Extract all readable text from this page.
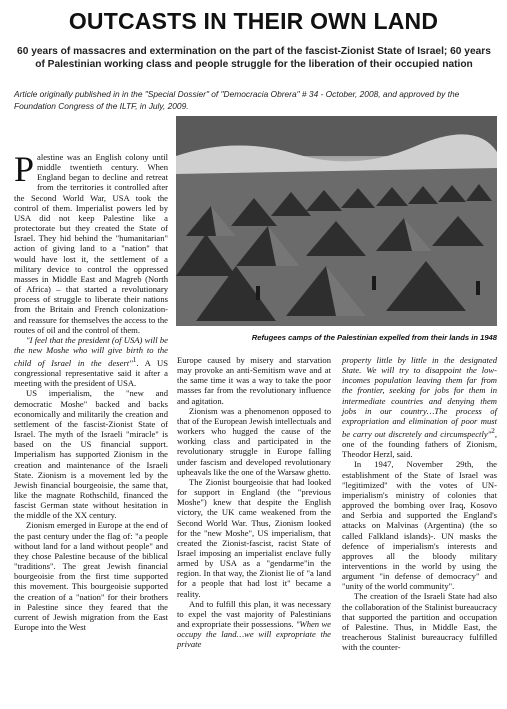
OUTCASTS IN THEIR OWN LAND
60 years of massacres and extermination on the part of the fascist-Zionist State of Israel; 60 years of Palestinian working class and people struggle for the liberation of their occupied nation
Article originally published in in the "Special Dossier" of "Democracia Obrera" # 34 - October, 2008, and approved by the Foundation Congress of the ILTF, in July, 2009.
Refugees camps of the Palestinian expelled from their lands in 1948

Palestine was an English colony until middle twentieth century. When England began to decline and retreat from the territories it controlled after the Second World War, USA took the control of them. Imperialist powers led by USA did not keep Palestine like a protectorate but they created the State of Israel. They hid behind the "humanitarian" action of giving land to a "nation" that would have lost it, the settlement of a military device to control the oppressed masses in Middle East and Magreb (North of Africa) – that started a revolutionary process of struggle to liberate their nations from the Britain and French colonization- and reassure for themselves the access to the routes of oil and the control of them.

"I feel that the president (of USA) will be the new Moshe who will give birth to the child of Israel in the desert"$^1$. A US congressional representative said it after a meeting with the president of USA.

US imperialism, the "new and democratic Moshe" backed and backs economically and militarily the creation and settlement of the fascist-Zionist State of Israel. The myth of the Israeli "miracle" is based on the US financial support. Imperialism has supported Zionism in the creation and maintenance of the Israeli State. Zionism is a movement led by the Jewish financial bourgeoisie, the same that, like the magnate Rothschild, financed the fascist German state without hesitation in the middle of the XX century.

Zionism emerged in Europe at the end of the past century under the flag of: "a people without land for a land without people" and they chose Palestine because of the biblical "traditions". The great Jewish financial bourgeoisie from the first time supported this movement. This bourgeoisie supported the creation of a "nation" for their brothers in Palestine since they feared that the current of Jewish migration from the East Europe into the West

Europe caused by misery and starvation may provoke an anti-Semitism wave and at the same time it was a way to take the poor masses far from the revolutionary influence and agitation.

Zionism was a phenomenon opposed to that of the European Jewish intellectuals and workers who hugged the cause of the working class and participated in the revolutionary struggle in Europe falling under fascism and developed revolutionary upheavals like the one of the Warsaw ghetto.

The Zionist bourgeoisie that had looked for support in England (the "previous Moshe") knew that despite the English victory, the UK came weakened from the Second World War. Thus, Zionism looked for the "new Moshe", US imperialism, that created the Zionist-fascist, racist State of Israel imposing an imperialist enclave fully armed by USA as a "gendarme"in the region. In that way, the Zionist lie of "a land for a people that had lost it" became a reality.

And to fulfill this plan, it was necessary to expel the vast majority of Palestinians and expropriate their possessions. "When we occupy the land…we will expropriate the private

property little by little in the designated State. We will try to disappoint the low-incomes population leaving them far from the frontier, seeking for jobs for them in intermediate countries and denying them jobs in our country…The process of expropriation and elimination of poor must be carry out discretely and circumspectly"$^2$, one of the founding fathers of Zionism, Theodor Herzl, said.

In 1947, November 29th, the establishment of the State of Israel was "legitimized" with the votes of UN-imperialism's ministry of colonies that approved the bombing over Iraq, Kosovo and Serbia and supported the England's attacks on Malvinas (Argentina) (the so called Falkland islands)-. UN masks the defence of imperialism's interests and approves all the bloody military interventions in the world by using the argument "in defense of democracy" and "unity of the world community".

The creation of the Israeli State had also the collaboration of the Stalinist bureaucracy that supported the partition and occupation of Palestine. Thus, in Middle East, the treacherous Stalinist bureaucracy fulfilled with the counter-
